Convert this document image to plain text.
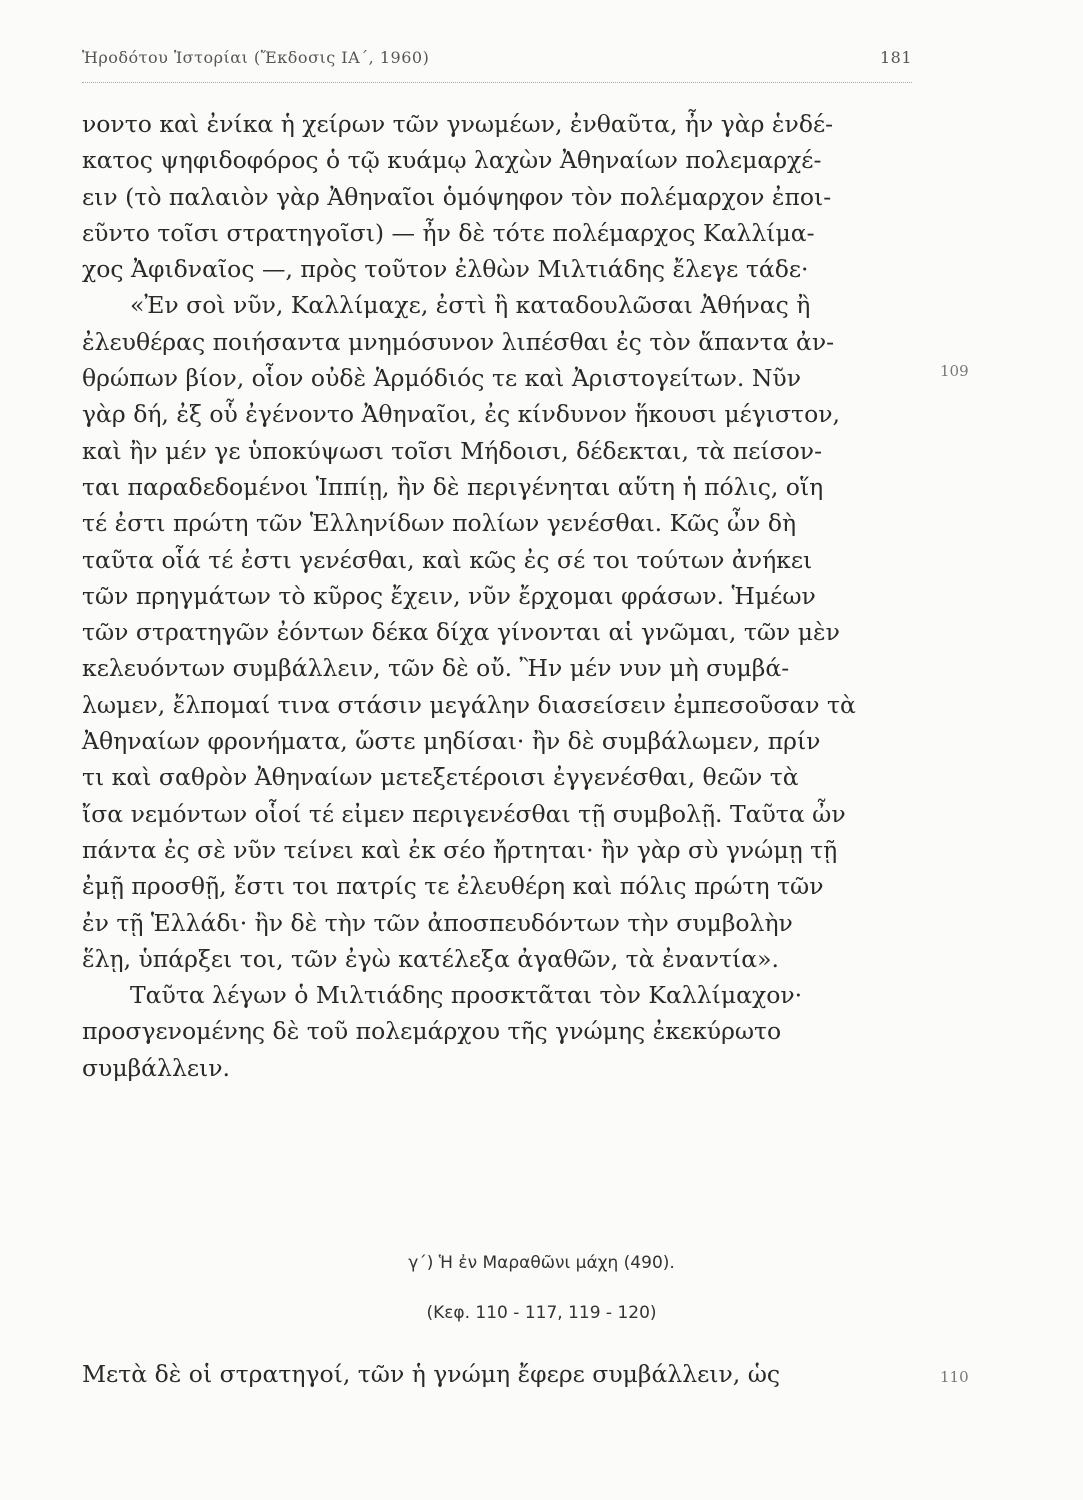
Ἡροδότου Ἱστορίαι (Ἔκδοσις ΙΑ΄, 1960)	181
νοντο καὶ ἐνίκα ἡ χείρων τῶν γνωμέων, ἐνθαῦτα, ἦν γὰρ ἑνδέ-
κατος ψηφιδοφόρος ὁ τῷ κυάμῳ λαχὼν Ἀθηναίων πολεμαρχέ-
ειν (τὸ παλαιὸν γὰρ Ἀθηναῖοι ὁμόψηφον τὸν πολέμαρχον ἐποι-
εῦντο τοῖσι στρατηγοῖσι) — ἦν δὲ τότε πολέμαρχος Καλλίμα-
χος Ἀφιδναῖος —, πρὸς τοῦτον ἐλθὼν Μιλτιάδης ἔλεγε τάδε·
«Ἐν σοὶ νῦν, Καλλίμαχε, ἐστὶ ἢ καταδουλῶσαι Ἀθήνας ἢ
ἐλευθέρας ποιήσαντα μνημόσυνον λιπέσθαι ἐς τὸν ἅπαντα ἀν-
θρώπων βίον, οἷον οὐδὲ Ἁρμόδιός τε καὶ Ἀριστογείτων. Νῦν
γὰρ δή, ἐξ οὗ ἐγένοντο Ἀθηναῖοι, ἐς κίνδυνον ἥκουσι μέγιστον,
καὶ ἢν μέν γε ὑποκύψωσι τοῖσι Μήδοισι, δέδεκται, τὰ πείσον-
ται παραδεδομένοι Ἱππίῃ, ἢν δὲ περιγένηται αὕτη ἡ πόλις, οἵη
τέ ἐστι πρώτη τῶν Ἑλληνίδων πολίων γενέσθαι. Κῶς ὦν δὴ
ταῦτα οἷά τέ ἐστι γενέσθαι, καὶ κῶς ἐς σέ τοι τούτων ἀνήκει
τῶν πρηγμάτων τὸ κῦρος ἔχειν, νῦν ἔρχομαι φράσων. Ἡμέων
τῶν στρατηγῶν ἐόντων δέκα δίχα γίνονται αἱ γνῶμαι, τῶν μὲν
κελευόντων συμβάλλειν, τῶν δὲ οὔ. Ἢν μέν νυν μὴ συμβά-
λωμεν, ἔλπομαί τινα στάσιν μεγάλην διασείσειν ἐμπεσοῦσαν τὰ
Ἀθηναίων φρονήματα, ὥστε μηδίσαι· ἢν δὲ συμβάλωμεν, πρίν
τι καὶ σαθρὸν Ἀθηναίων μετεξετέροισι ἐγγενέσθαι, θεῶν τὰ
ἴσα νεμόντων οἷοί τέ εἰμεν περιγενέσθαι τῇ συμβολῇ. Ταῦτα ὦν
πάντα ἐς σὲ νῦν τείνει καὶ ἐκ σέο ἤρτηται· ἢν γὰρ σὺ γνώμῃ τῇ
ἐμῇ προσθῇ, ἔστι τοι πατρίς τε ἐλευθέρη καὶ πόλις πρώτη τῶν
ἐν τῇ Ἑλλάδι· ἢν δὲ τὴν τῶν ἀποσπευδόντων τὴν συμβολὴν
ἕλῃ, ὑπάρξει τοι, τῶν ἐγὼ κατέλεξα ἀγαθῶν, τὰ ἐναντία».
Ταῦτα λέγων ὁ Μιλτιάδης προσκτᾶται τὸν Καλλίμαχον·
προσγενομένης δὲ τοῦ πολεμάρχου τῆς γνώμης ἐκεκύρωτο
συμβάλλειν.
109
γ΄) Ἡ ἐν Μαραθῶνι μάχη (490).
(Κεφ. 110 - 117, 119 - 120)
Μετὰ δὲ οἱ στρατηγοί, τῶν ἡ γνώμη ἔφερε συμβάλλειν, ὡς	110
